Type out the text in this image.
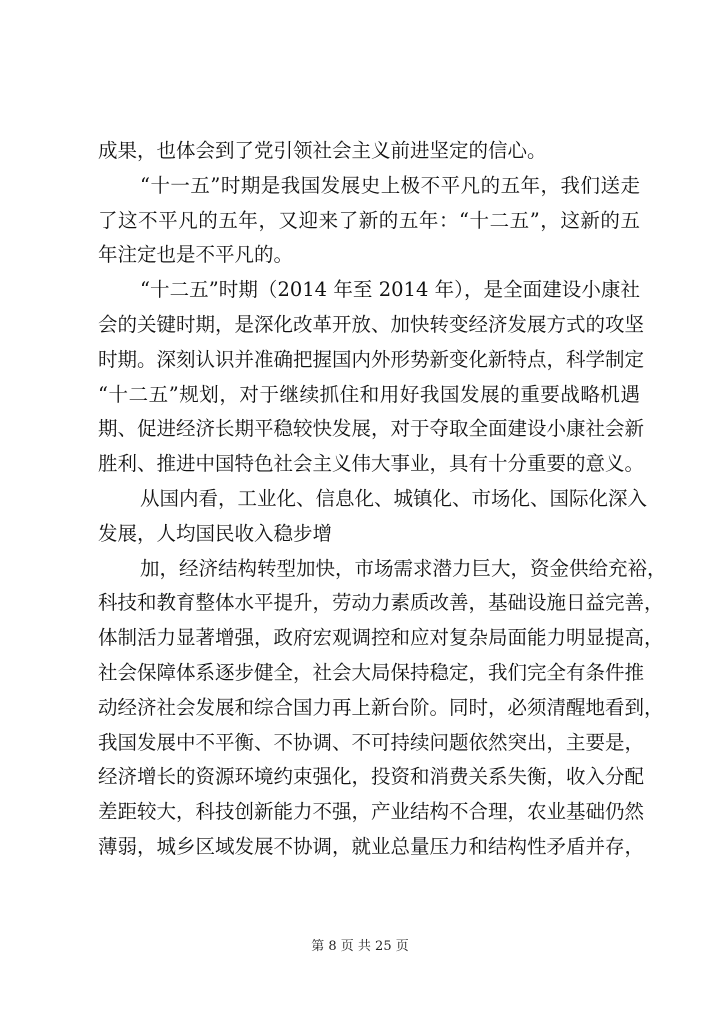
成果，也体会到了党引领社会主义前进坚定的信心。
“十一五”时期是我国发展史上极不平凡的五年，我们送走
了这不平凡的五年，又迎来了新的五年：“十二五”，这新的五
年注定也是不平凡的。
“十二五”时期（2014 年至 2014 年），是全面建设小康社
会的关键时期，是深化改革开放、加快转变经济发展方式的攻坚
时期。深刻认识并准确把握国内外形势新变化新特点，科学制定
“十二五”规划，对于继续抓住和用好我国发展的重要战略机遇
期、促进经济长期平稳较快发展，对于夺取全面建设小康社会新
胜利、推进中国特色社会主义伟大事业，具有十分重要的意义。
从国内看，工业化、信息化、城镇化、市场化、国际化深入
发展，人均国民收入稳步增
加，经济结构转型加快，市场需求潜力巨大，资金供给充裕，
科技和教育整体水平提升，劳动力素质改善，基础设施日益完善，
体制活力显著增强，政府宏观调控和应对复杂局面能力明显提高，
社会保障体系逐步健全，社会大局保持稳定，我们完全有条件推
动经济社会发展和综合国力再上新台阶。同时，必须清醒地看到，
我国发展中不平衡、不协调、不可持续问题依然突出，主要是，
经济增长的资源环境约束强化，投资和消费关系失衡，收入分配
差距较大，科技创新能力不强，产业结构不合理，农业基础仍然
薄弱，城乡区域发展不协调，就业总量压力和结构性矛盾并存，
第 8 页 共 25 页
